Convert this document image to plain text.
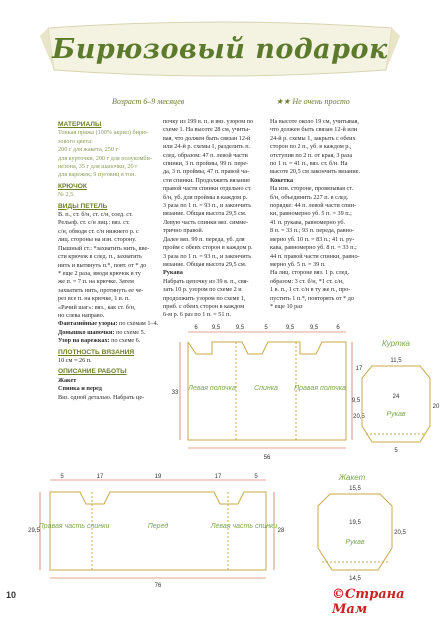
Бирюзовый подарок
Возраст 6–9 месяцев	★★ Не очень просто

МАТЕРИАЛЫ

Тонкая пряжа (100% акрил) бирю-

зового цвета:

200 г для жакета, 250 г

для курточки, 200 г для полукомби-

незона, 35 г для шапочки, 20 г

для варежек; 9 пуговиц в тон.

КРЮЧОК

№ 2,5.

ВИДЫ ПЕТЕЛЬ

В. п., ст. б/н, ст. с/н, соед. ст.

Рельеф. ст. с/н лиц.: вяз. ст.

с/н, обводя ст. с/н нижнего р. с

лиц. стороны на изн. сторону.

Пышный ст.: *захватить нить, вве-

сти крючок в след. п., захватить

нить и вытянуть п.*, повт. от * до

* еще 2 раза, вводя крючок в ту

же п. = 7 п. на крючке. Затем

захватить нить, протянуть ее че-

рез все п. на крючке, 1 в. п.

«Рачий шаг»: вяз., как ст. б/н,

но слева направо.

Фантазийные узоры: по схемам 1–4.

Донышко шапочки: по схеме 5.

Узор на варежках: по схеме 6.

ПЛОТНОСТЬ ВЯЗАНИЯ

10 см = 26 п.

ОПИСАНИЕ РАБОТЫ

Жакет

Спинка и перед

Вяз. одной деталью. Набрать це-

почку из 199 в. п. и вяз. узором по

схеме 1. На высоте 28 см, учиты-

вая, что должен быть связан 12-й

или 24-й р. схемы 1, разделить п.

след. образом: 47 п. левой части

спинки, 3 п. проймы, 99 п. пере-

да, 3 п. проймы, 47 п. правой ча-

сти спинки. Продолжить вязание

правой части спинки отдельно ст.

б/н, уб. для проймы в каждом р.

3 раза по 1 п. = 93 п., и закончить

вязание. Общая высота 29,5 см.

Левую часть спинки вяз. симме-

трично правой.

Далее вяз. 99 п. переда, уб. для

пройм с обеих сторон в каждом р.

3 раза по 1 п. = 93 п., и закончить

вязание. Общая высота 29,5 см.

Рукава

Набрать цепочку из 39 в. п., свя-

зать 10 р. узором по схеме 2 и

продолжить узором по схеме 1,

приб. с обеих сторон в каждом

6-м р. 6 раз по 1 п. = 51 п.

На высоте около 19 см, учитывая,

что должен быть связан 12-й или

24-й р. схемы 1, закрыть с обеих

сторон по 2 п., уб. в каждом р.,

отступив по 2 п. от края, 3 раза

по 1 п. = 41 п., вяз. ст. б/н. На

высоте 20,5 см закончить вязание.

Кокетка

На изн. стороне, провязывая ст.

б/н, объединить 227 п. в след.

порядке: 44 п. левой части спин-

ки, равномерно уб. 5 п. = 39 п.;

41 п. рукава, равномерно уб.

8 п. = 33 п.; 93 п. переда, равно-

мерно уб. 10 п. = 83 п.; 41 п. ру-

кава, равномерно уб. 8 п. = 33 п.;

44 п. правой части спинки, равно-

мерно уб. 5 п. = 39 п.

На лиц. стороне вяз. 1 р. след.

образом: 3 ст. б/н, *1 ст. с/н,

1 в. п., 1 ст. с/н в ту же п., про-

пустить 1 п.*, повторять от * до

* еще 10 раз

6 9,5	9,5	5	9,5	9,5	6
56
33
17
20,5
Левая полочка	Спинка Правая полочка
Куртка
11,5
24
20
9,5
5
Рукав
5	17	19	17	5
76
29,5	28
Правая часть спинки	Перед	Левая часть спинки
Жакет
15,5
19,5
20,5
14,5
Рукав
10	©Страна Мам
